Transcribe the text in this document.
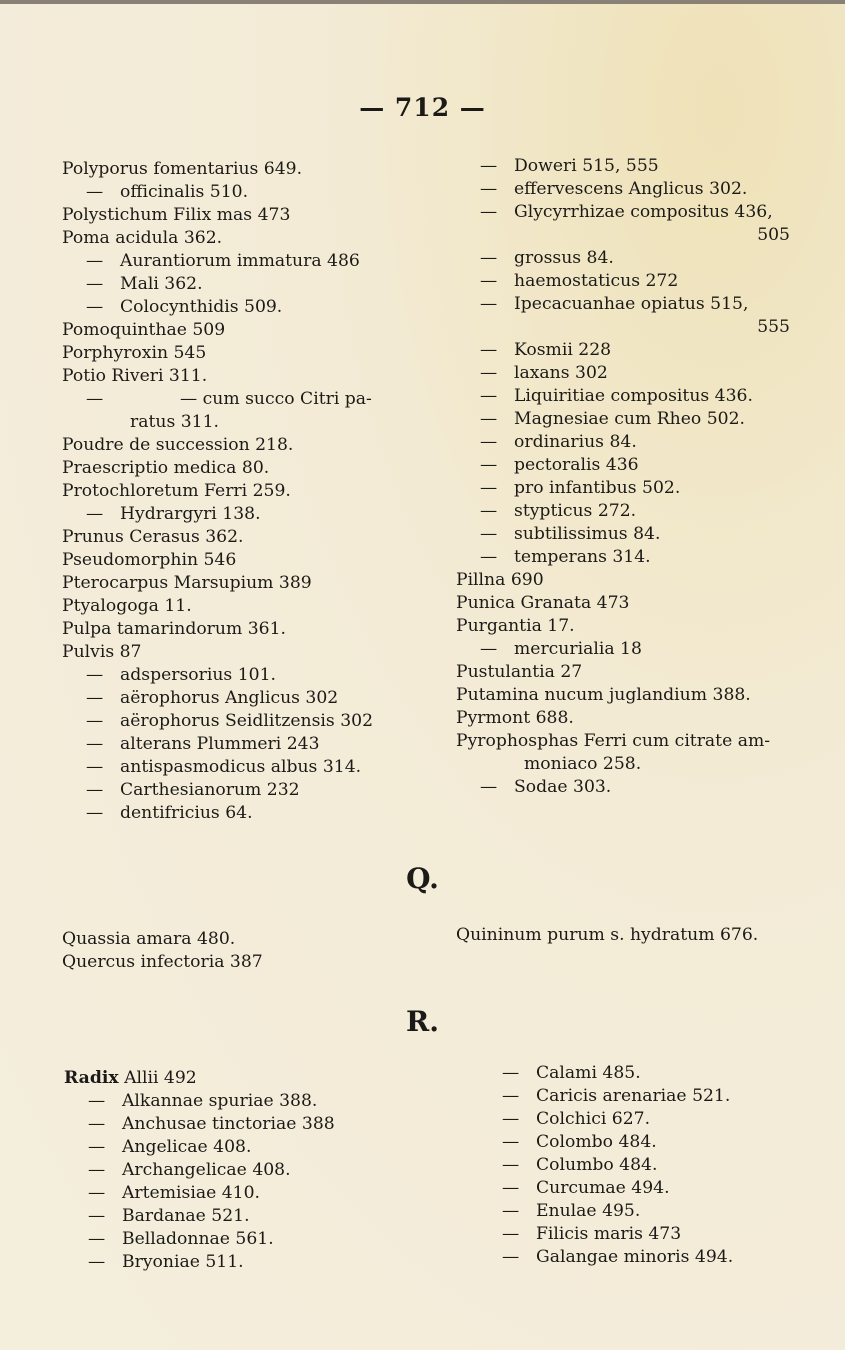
— 712 —
Polyporus fomentarius 649.
— officinalis 510.
Polystichum Filix mas 473
Poma acidula 362.
— Aurantiorum immatura 486
— Mali 362.
— Colocynthidis 509.
Pomoquinthae 509
Porphyroxin 545
Potio Riveri 311.
—	— cum succo Citri pa-
ratus 311.
Poudre de succession 218.
Praescriptio medica 80.
Protochloretum Ferri 259.
— Hydrargyri 138.
Prunus Cerasus 362.
Pseudomorphin 546
Pterocarpus Marsupium 389
Ptyalogoga 11.
Pulpa tamarindorum 361.
Pulvis 87
— adspersorius 101.
— aërophorus Anglicus 302
— aërophorus Seidlitzensis 302
— alterans Plummeri 243
— antispasmodicus albus 314.
— Carthesianorum 232
— dentifricius 64.
— Doweri 515, 555
— effervescens Anglicus 302.
— Glycyrrhizae compositus 436,
505
— grossus 84.
— haemostaticus 272
— Ipecacuanhae opiatus 515,
555
— Kosmii 228
— laxans 302
— Liquiritiae compositus 436.
— Magnesiae cum Rheo 502.
— ordinarius 84.
— pectoralis 436
— pro infantibus 502.
— stypticus 272.
— subtilissimus 84.
— temperans 314.
Pillna 690
Punica Granata 473
Purgantia 17.
— mercurialia 18
Pustulantia 27
Putamina nucum juglandium 388.
Pyrmont 688.
Pyrophosphas Ferri cum citrate am-
moniaco 258.
— Sodae 303.
Q.
Quassia amara 480.
Quercus infectoria 387
Quininum purum s. hydratum 676.
R.
Radix Allii 492
— Alkannae spuriae 388.
— Anchusae tinctoriae 388
— Angelicae 408.
— Archangelicae 408.
— Artemisiae 410.
— Bardanae 521.
— Belladonnae 561.
— Bryoniae 511.
— Calami 485.
— Caricis arenariae 521.
— Colchici 627.
— Colombo 484.
— Columbo 484.
— Curcumae 494.
— Enulae 495.
— Filicis maris 473
— Galangae minoris 494.
